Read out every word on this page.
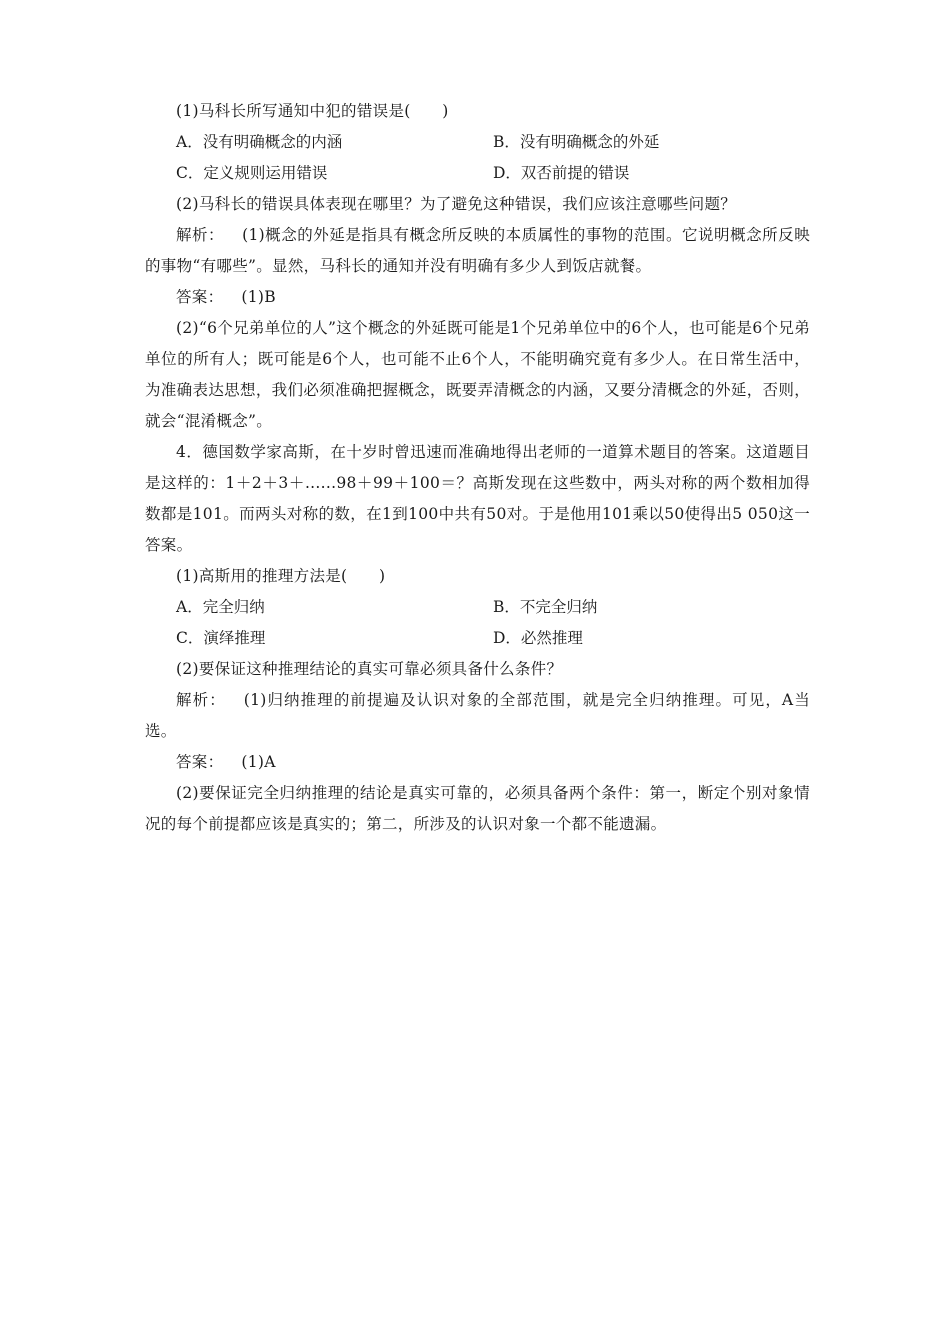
(1)马科长所写通知中犯的错误是(　　)

A．没有明确概念的内涵	B．没有明确概念的外延
C．定义规则运用错误	D．双否前提的错误

(2)马科长的错误具体表现在哪里？为了避免这种错误，我们应该注意哪些问题？

解析： (1)概念的外延是指具有概念所反映的本质属性的事物的范围。它说明概念所反映的事物“有哪些”。显然，马科长的通知并没有明确有多少人到饭店就餐。

答案： (1)B

(2)“6个兄弟单位的人”这个概念的外延既可能是1个兄弟单位中的6个人，也可能是6个兄弟单位的所有人；既可能是6个人，也可能不止6个人，不能明确究竟有多少人。在日常生活中，为准确表达思想，我们必须准确把握概念，既要弄清概念的内涵，又要分清概念的外延，否则，就会“混淆概念”。

4．德国数学家高斯，在十岁时曾迅速而准确地得出老师的一道算术题目的答案。这道题目是这样的：1＋2＋3＋......98＋99＋100＝？高斯发现在这些数中，两头对称的两个数相加得数都是101。而两头对称的数，在1到100中共有50对。于是他用101乘以50使得出5 050这一答案。

(1)高斯用的推理方法是(　　)

A．完全归纳	B．不完全归纳
C．演绎推理	D．必然推理

(2)要保证这种推理结论的真实可靠必须具备什么条件？

解析： (1)归纳推理的前提遍及认识对象的全部范围，就是完全归纳推理。可见，A当选。

答案： (1)A

(2)要保证完全归纳推理的结论是真实可靠的，必须具备两个条件：第一，断定个别对象情况的每个前提都应该是真实的；第二，所涉及的认识对象一个都不能遗漏。
